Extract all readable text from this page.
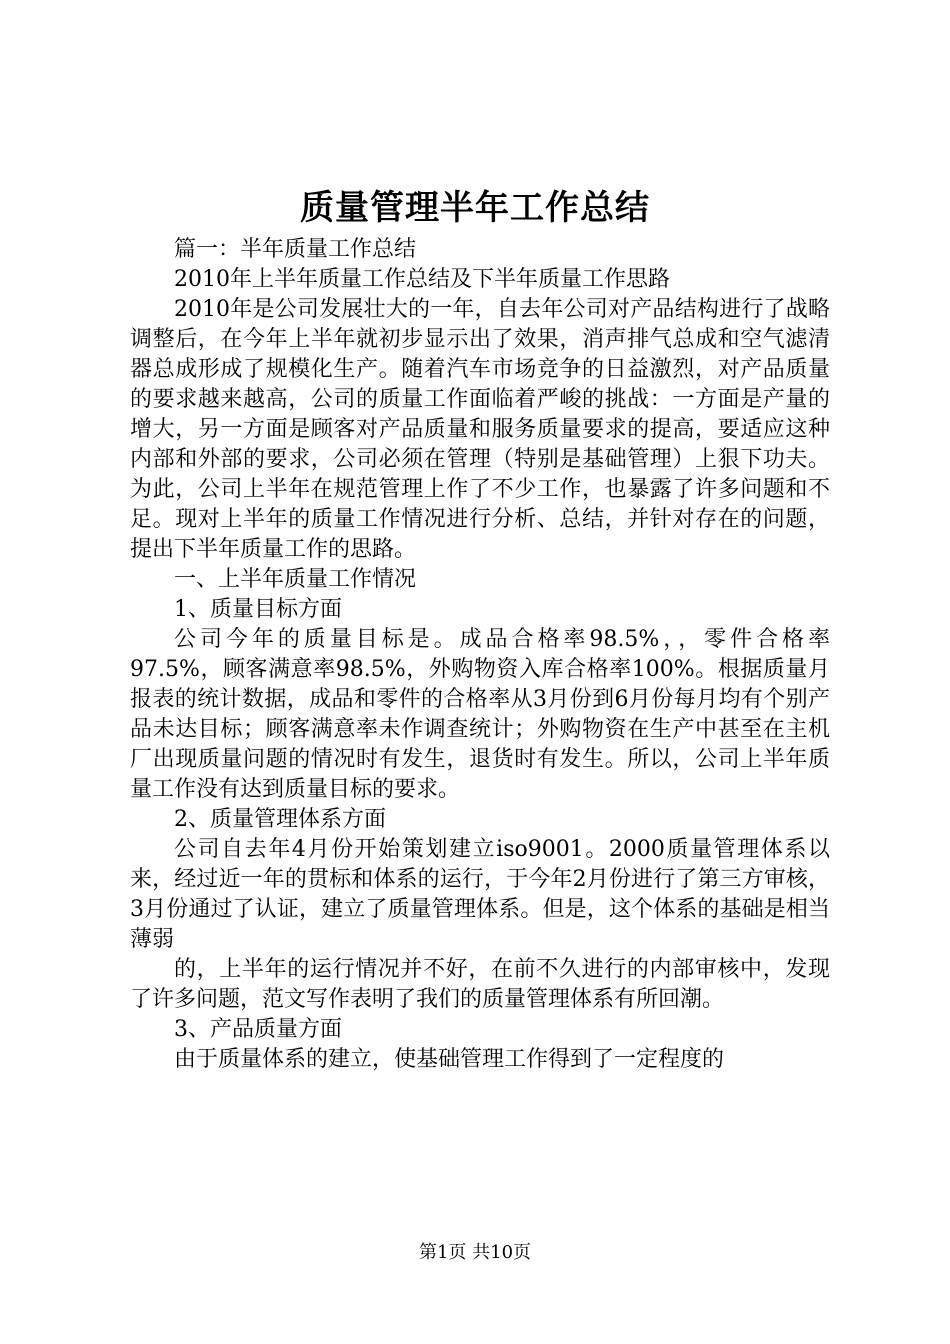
质量管理半年工作总结

篇一：半年质量工作总结

2010年上半年质量工作总结及下半年质量工作思路

2010年是公司发展壮大的一年，自去年公司对产品结构进行了战略调整后，在今年上半年就初步显示出了效果，消声排气总成和空气滤清器总成形成了规模化生产。随着汽车市场竞争的日益激烈，对产品质量的要求越来越高，公司的质量工作面临着严峻的挑战：一方面是产量的增大，另一方面是顾客对产品质量和服务质量要求的提高，要适应这种内部和外部的要求，公司必须在管理（特别是基础管理）上狠下功夫。为此，公司上半年在规范管理上作了不少工作，也暴露了许多问题和不足。现对上半年的质量工作情况进行分析、总结，并针对存在的问题，提出下半年质量工作的思路。

一、上半年质量工作情况

1、质量目标方面

公司今年的质量目标是。成品合格率98.5%，，零件合格率97.5%，顾客满意率98.5%，外购物资入库合格率100%。根据质量月报表的统计数据，成品和零件的合格率从3月份到6月份每月均有个别产品未达目标；顾客满意率未作调查统计；外购物资在生产中甚至在主机厂出现质量问题的情况时有发生，退货时有发生。所以，公司上半年质量工作没有达到质量目标的要求。

2、质量管理体系方面

公司自去年4月份开始策划建立iso9001。2000质量管理体系以来，经过近一年的贯标和体系的运行，于今年2月份进行了第三方审核，3月份通过了认证，建立了质量管理体系。但是，这个体系的基础是相当薄弱

的，上半年的运行情况并不好，在前不久进行的内部审核中，发现了许多问题，范文写作表明了我们的质量管理体系有所回潮。

3、产品质量方面

由于质量体系的建立，使基础管理工作得到了一定程度的

第1页 共10页
